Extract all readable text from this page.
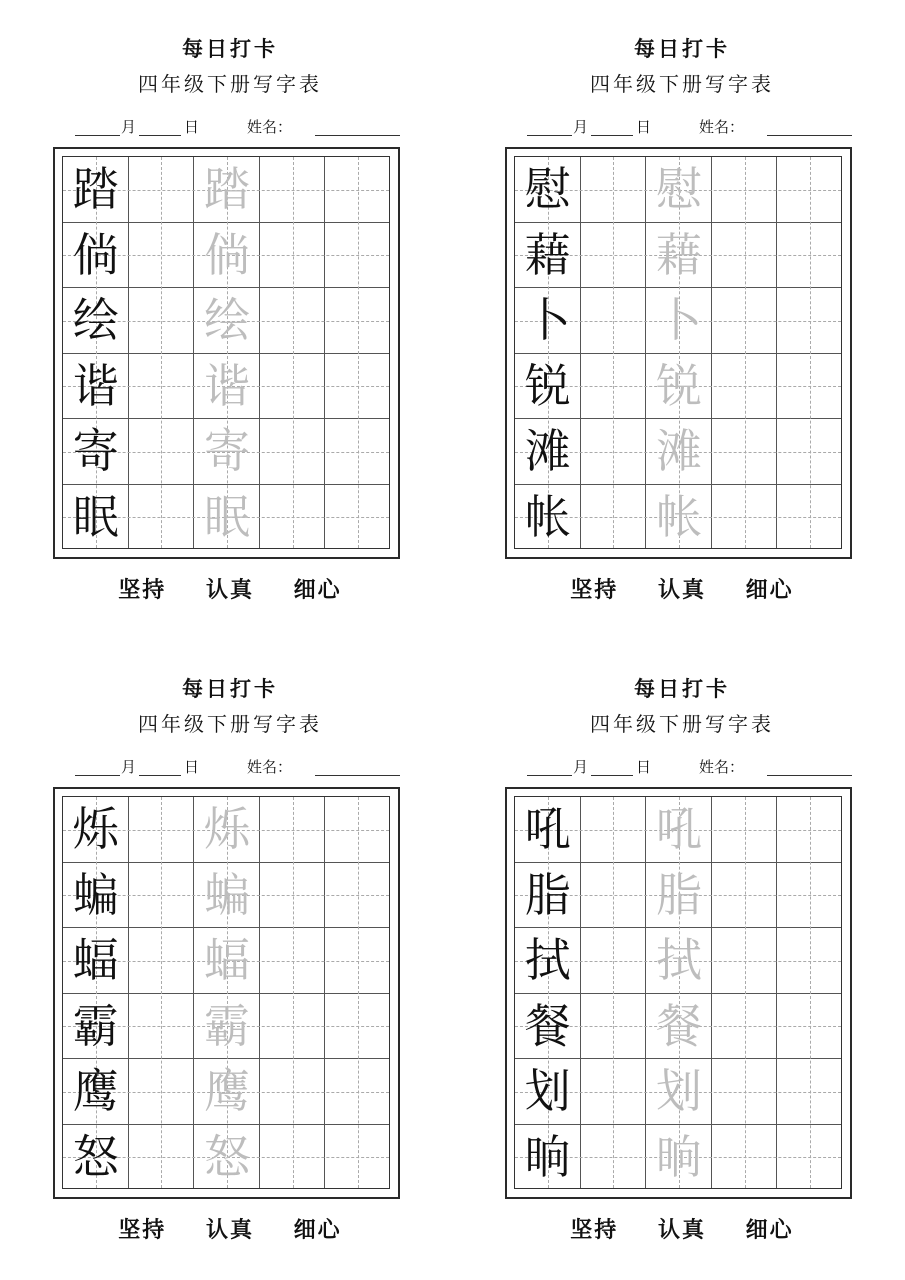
每日打卡
四年级下册写字表
月	日	姓名：
踏 踏
倘 倘
绘 绘
谐 谐
寄 寄
眠 眠
坚持 认真 细心
每日打卡
四年级下册写字表
月	日	姓名：
慰 慰
藉 藉
卜 卜
锐 锐
滩 滩
帐 帐
坚持 认真 细心
每日打卡
四年级下册写字表
月	日	姓名：
烁 烁
蝙 蝙
蝠 蝠
霸 霸
鹰 鹰
怒 怒
坚持 认真 细心
每日打卡
四年级下册写字表
月	日	姓名：
吼 吼
脂 脂
拭 拭
餐 餐
划 划
晌 晌
坚持 认真 细心
